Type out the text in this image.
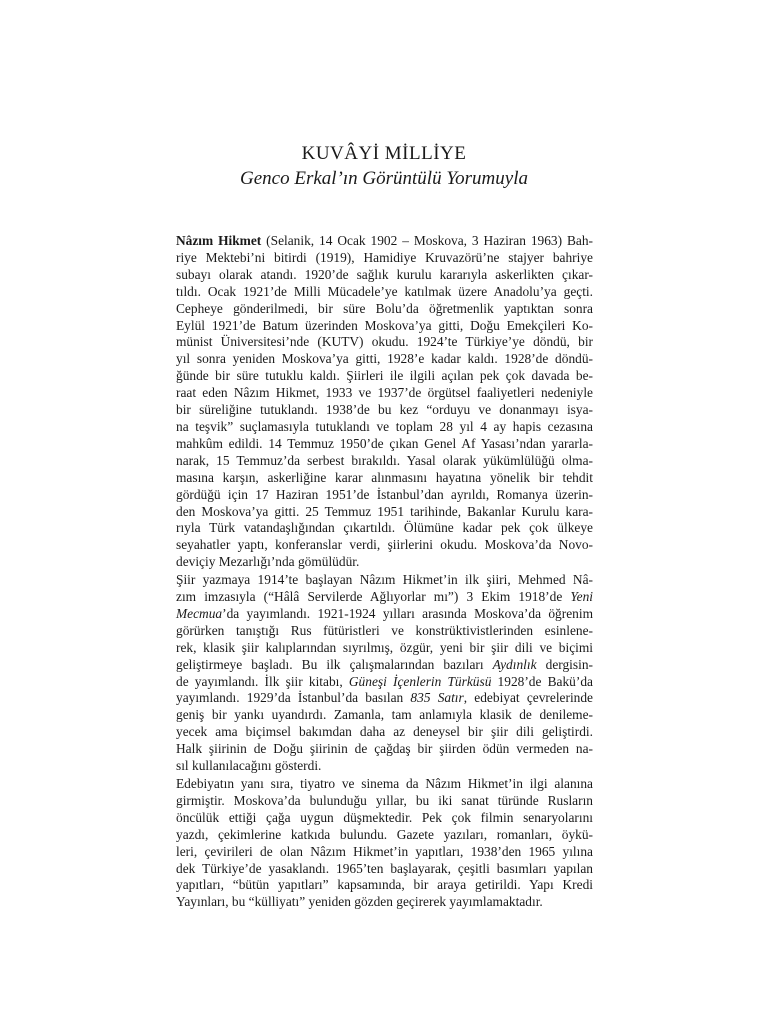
KUVÂYİ MİLLİYE
Genco Erkal’ın Görüntülü Yorumuyla

Nâzım Hikmet (Selanik, 14 Ocak 1902 – Moskova, 3 Haziran 1963) Bah-
riye Mektebi’ni bitirdi (1919), Hamidiye Kruvazörü’ne stajyer bahriye
subayı olarak atandı. 1920’de sağlık kurulu kararıyla askerlikten çıkar-
tıldı. Ocak 1921’de Milli Mücadele’ye katılmak üzere Anadolu’ya geçti.
Cepheye gönderilmedi, bir süre Bolu’da öğretmenlik yaptıktan sonra
Eylül 1921’de Batum üzerinden Moskova’ya gitti, Doğu Emekçileri Ko-
münist Üniversitesi’nde (KUTV) okudu. 1924’te Türkiye’ye döndü, bir
yıl sonra yeniden Moskova’ya gitti, 1928’e kadar kaldı. 1928’de döndü-
ğünde bir süre tutuklu kaldı. Şiirleri ile ilgili açılan pek çok davada be-
raat eden Nâzım Hikmet, 1933 ve 1937’de örgütsel faaliyetleri nedeniyle
bir süreliğine tutuklandı. 1938’de bu kez “orduyu ve donanmayı isya-
na teşvik” suçlamasıyla tutuklandı ve toplam 28 yıl 4 ay hapis cezasına
mahkûm edildi. 14 Temmuz 1950’de çıkan Genel Af Yasası’ndan yararla-
narak, 15 Temmuz’da serbest bırakıldı. Yasal olarak yükümlülüğü olma-
masına karşın, askerliğine karar alınmasını hayatına yönelik bir tehdit
gördüğü için 17 Haziran 1951’de İstanbul’dan ayrıldı, Romanya üzerin-
den Moskova’ya gitti. 25 Temmuz 1951 tarihinde, Bakanlar Kurulu kara-
rıyla Türk vatandaşlığından çıkartıldı. Ölümüne kadar pek çok ülkeye
seyahatler yaptı, konferanslar verdi, şiirlerini okudu. Moskova’da Novo-
deviçiy Mezarlığı’nda gömülüdür.

Şiir yazmaya 1914’te başlayan Nâzım Hikmet’in ilk şiiri, Mehmed Nâ-
zım imzasıyla (“Hâlâ Servilerde Ağlıyorlar mı”) 3 Ekim 1918’de Yeni
Mecmua’da yayımlandı. 1921-1924 yılları arasında Moskova’da öğrenim
görürken tanıştığı Rus fütüristleri ve konstrüktivistlerinden esinlene-
rek, klasik şiir kalıplarından sıyrılmış, özgür, yeni bir şiir dili ve biçimi
geliştirmeye başladı. Bu ilk çalışmalarından bazıları Aydınlık dergisin-
de yayımlandı. İlk şiir kitabı, Güneşi İçenlerin Türküsü 1928’de Bakü’da
yayımlandı. 1929’da İstanbul’da basılan 835 Satır, edebiyat çevrelerinde
geniş bir yankı uyandırdı. Zamanla, tam anlamıyla klasik de denileme-
yecek ama biçimsel bakımdan daha az deneysel bir şiir dili geliştirdi.
Halk şiirinin de Doğu şiirinin de çağdaş bir şiirden ödün vermeden na-
sıl kullanılacağını gösterdi.

Edebiyatın yanı sıra, tiyatro ve sinema da Nâzım Hikmet’in ilgi alanına
girmiştir. Moskova’da bulunduğu yıllar, bu iki sanat türünde Rusların
öncülük ettiği çağa uygun düşmektedir. Pek çok filmin senaryolarını
yazdı, çekimlerine katkıda bulundu. Gazete yazıları, romanları, öykü-
leri, çevirileri de olan Nâzım Hikmet’in yapıtları, 1938’den 1965 yılına
dek Türkiye’de yasaklandı. 1965’ten başlayarak, çeşitli basımları yapılan
yapıtları, “bütün yapıtları” kapsamında, bir araya getirildi. Yapı Kredi
Yayınları, bu “külliyatı” yeniden gözden geçirerek yayımlamaktadır.
